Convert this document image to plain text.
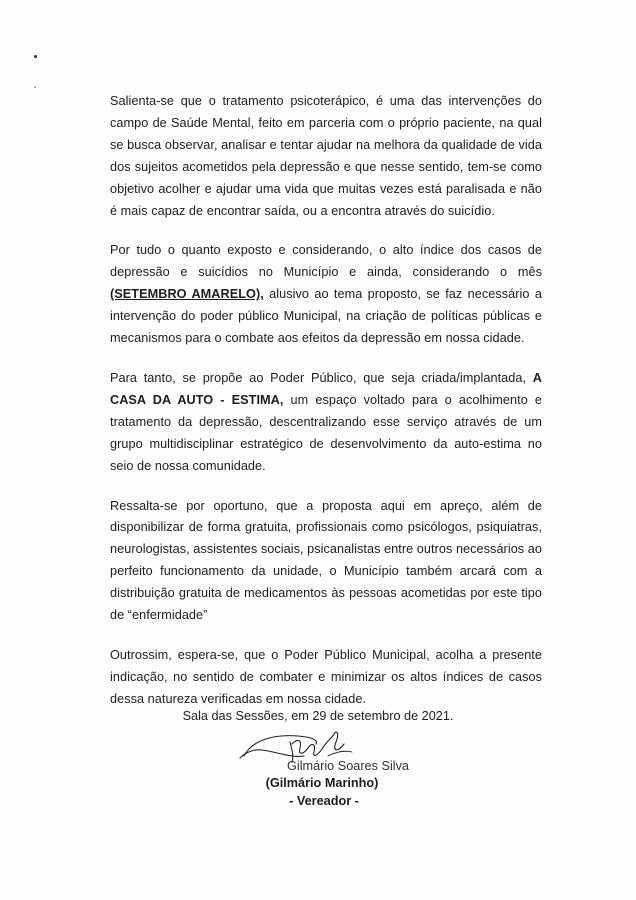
Salienta-se que o tratamento psicoterápico, é uma das intervenções do campo de Saúde Mental, feito em parceria com o próprio paciente, na qual se busca observar, analisar e tentar ajudar na melhora da qualidade de vida dos sujeitos acometidos pela depressão e que nesse sentido, tem-se como objetivo acolher e ajudar uma vida que muitas vezes está paralisada e não é mais capaz de encontrar saída, ou a encontra através do suicídio.

Por tudo o quanto exposto e considerando, o alto índice dos casos de depressão e suicídios no Município e ainda, considerando o mês (SETEMBRO AMARELO), alusivo ao tema proposto, se faz necessário a intervenção do poder público Municipal, na criação de políticas públicas e mecanismos para o combate aos efeitos da depressão em nossa cidade.

Para tanto, se propõe ao Poder Público, que seja criada/implantada, A CASA DA AUTO - ESTIMA, um espaço voltado para o acolhimento e tratamento da depressão, descentralizando esse serviço através de um grupo multidisciplinar estratégico de desenvolvimento da auto-estima no seio de nossa comunidade.

Ressalta-se por oportuno, que a proposta aqui em apreço, além de disponibilizar de forma gratuita, profissionais como psicólogos, psiquiatras, neurologistas, assistentes sociais, psicanalistas entre outros necessários ao perfeito funcionamento da unidade, o Município também arcará com a distribuição gratuita de medicamentos às pessoas acometidas por este tipo de “enfermidade”

Outrossim, espera-se, que o Poder Público Municipal, acolha a presente indicação, no sentido de combater e minimizar os altos índices de casos dessa natureza verificadas em nossa cidade.

Sala das Sessões, em 29 de setembro de 2021.
Gilmário Soares Silva
(Gilmário Marinho)
- Vereador -
